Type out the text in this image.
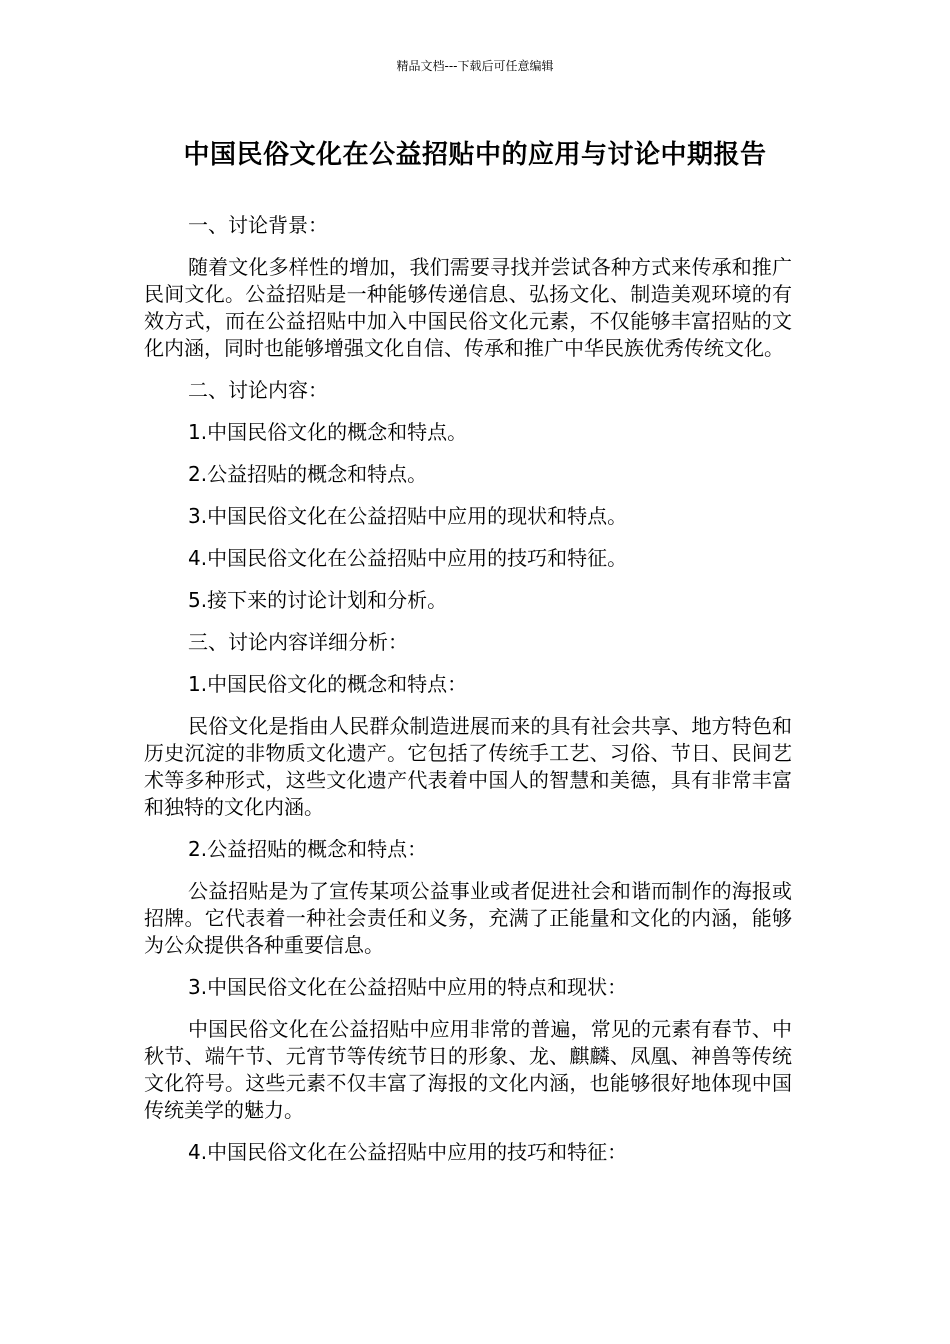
精品文档---下载后可任意编辑
中国民俗文化在公益招贴中的应用与讨论中期报告

一、讨论背景：

随着文化多样性的增加，我们需要寻找并尝试各种方式来传承和推广民间文化。公益招贴是一种能够传递信息、弘扬文化、制造美观环境的有效方式，而在公益招贴中加入中国民俗文化元素，不仅能够丰富招贴的文化内涵，同时也能够增强文化自信、传承和推广中华民族优秀传统文化。

二、讨论内容：

1.中国民俗文化的概念和特点。

2.公益招贴的概念和特点。

3.中国民俗文化在公益招贴中应用的现状和特点。

4.中国民俗文化在公益招贴中应用的技巧和特征。

5.接下来的讨论计划和分析。

三、讨论内容详细分析：

1.中国民俗文化的概念和特点：

民俗文化是指由人民群众制造进展而来的具有社会共享、地方特色和历史沉淀的非物质文化遗产。它包括了传统手工艺、习俗、节日、民间艺术等多种形式，这些文化遗产代表着中国人的智慧和美德，具有非常丰富和独特的文化内涵。

2.公益招贴的概念和特点：

公益招贴是为了宣传某项公益事业或者促进社会和谐而制作的海报或招牌。它代表着一种社会责任和义务，充满了正能量和文化的内涵，能够为公众提供各种重要信息。

3.中国民俗文化在公益招贴中应用的特点和现状：

中国民俗文化在公益招贴中应用非常的普遍，常见的元素有春节、中秋节、端午节、元宵节等传统节日的形象、龙、麒麟、凤凰、神兽等传统文化符号。这些元素不仅丰富了海报的文化内涵，也能够很好地体现中国传统美学的魅力。

4.中国民俗文化在公益招贴中应用的技巧和特征：
